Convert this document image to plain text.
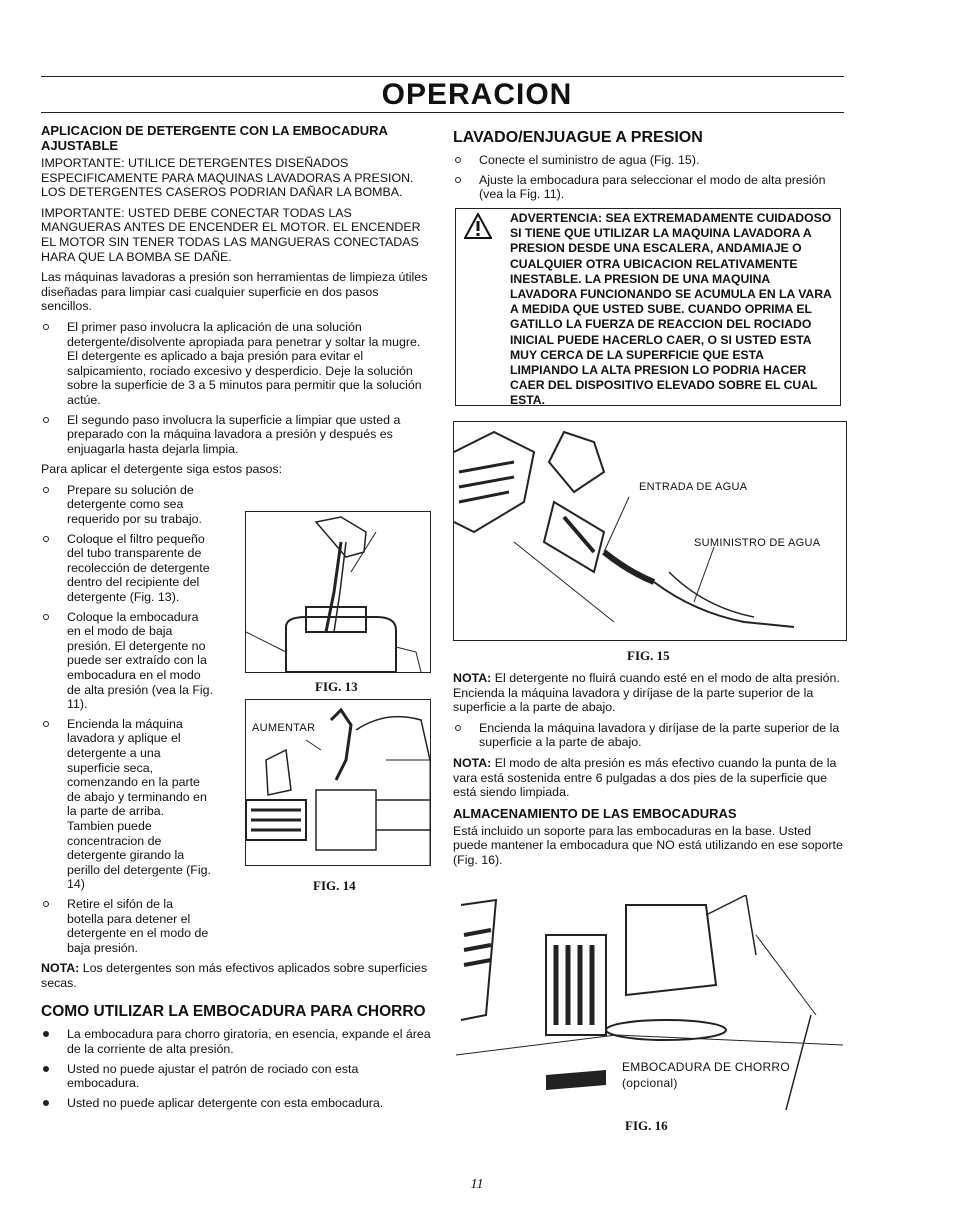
OPERACION
APLICACION DE DETERGENTE CON LA EMBOCADURA AJUSTABLE

IMPORTANTE: UTILICE DETERGENTES DISEÑADOS ESPECIFICAMENTE PARA MAQUINAS LAVADORAS A PRESION. LOS DETERGENTES CASEROS PODRIAN DAÑAR LA BOMBA.

IMPORTANTE: USTED DEBE CONECTAR TODAS LAS MANGUERAS ANTES DE ENCENDER EL MOTOR. EL ENCENDER EL MOTOR SIN TENER TODAS LAS MANGUERAS CONECTADAS HARA QUE LA BOMBA SE DAÑE.

Las máquinas lavadoras a presión son herramientas de limpieza útiles diseñadas para limpiar casi cualquier superficie en dos pasos sencillos.

El primer paso involucra la aplicación de una solución detergente/disolvente apropiada para penetrar y soltar la mugre. El detergente es aplicado a baja presión para evitar el salpicamiento, rociado excesivo y desperdicio. Deje la solución sobre la superficie de 3 a 5 minutos para permitir que la solución actúe.
El segundo paso involucra la superficie a limpiar que usted a preparado con la máquina lavadora a presión y después es enjuagarla hasta dejarla limpia.

Para aplicar el detergente siga estos pasos:

Prepare su solución de detergente como sea requerido por su trabajo.
Coloque el filtro pequeño del tubo transparente de recolección de detergente dentro del recipiente del detergente (Fig. 13).
Coloque la embocadura en el modo de baja presión. El detergente no puede ser extraído con la embocadura en el modo de alta presión (vea la Fig. 11).
Encienda la máquina lavadora y aplique el detergente a una superficie seca, comenzando en la parte de abajo y terminando en la parte de arriba. Tambien puede concentracion de detergente girando la perillo del detergente (Fig. 14)
Retire el sifón de la botella para detener el detergente en el modo de baja presión.

NOTA: Los detergentes son más efectivos aplicados sobre superficies secas.

COMO UTILIZAR LA EMBOCADURA PARA CHORRO
La embocadura para chorro giratoria, en esencia, expande el área de la corriente de alta presión.
Usted no puede ajustar el patrón de rociado con esta embocadura.
Usted no puede aplicar detergente con esta embocadura.
FIG. 13
AUMENTAR
FIG. 14
LAVADO/ENJUAGUE A PRESION
Conecte el suministro de agua (Fig. 15).
Ajuste la embocadura para seleccionar el modo de alta presión (vea la Fig. 11).
ADVERTENCIA: SEA EXTREMADAMENTE CUIDADOSO SI TIENE QUE UTILIZAR LA MAQUINA LAVADORA A PRESION DESDE UNA ESCALERA, ANDAMIAJE O CUALQUIER OTRA UBICACION RELATIVAMENTE INESTABLE. LA PRESION DE UNA MAQUINA LAVADORA FUNCIONANDO SE ACUMULA EN LA VARA A MEDIDA QUE USTED SUBE. CUANDO OPRIMA EL GATILLO LA FUERZA DE REACCION DEL ROCIADO INICIAL PUEDE HACERLO CAER, O SI USTED ESTA MUY CERCA DE LA SUPERFICIE QUE ESTA LIMPIANDO LA ALTA PRESION LO PODRIA HACER CAER DEL DISPOSITIVO ELEVADO SOBRE EL CUAL ESTA.
ENTRADA DE AGUA
SUMINISTRO DE AGUA
FIG. 15

NOTA: El detergente no fluirá cuando esté en el modo de alta presión. Encienda la máquina lavadora y diríjase de la parte superior de la superficie a la parte de abajo.

Encienda la máquina lavadora y diríjase de la parte superior de la superficie a la parte de abajo.

NOTA: El modo de alta presión es más efectivo cuando la punta de la vara está sostenida entre 6 pulgadas a dos pies de la superficie que está siendo limpiada.

ALMACENAMIENTO DE LAS EMBOCADURAS

Está incluido un soporte para las embocaduras en la base. Usted puede mantener la embocadura que NO está utilizando en ese soporte (Fig. 16).

EMBOCADURA DE CHORRO
(opcional)
FIG. 16
11
